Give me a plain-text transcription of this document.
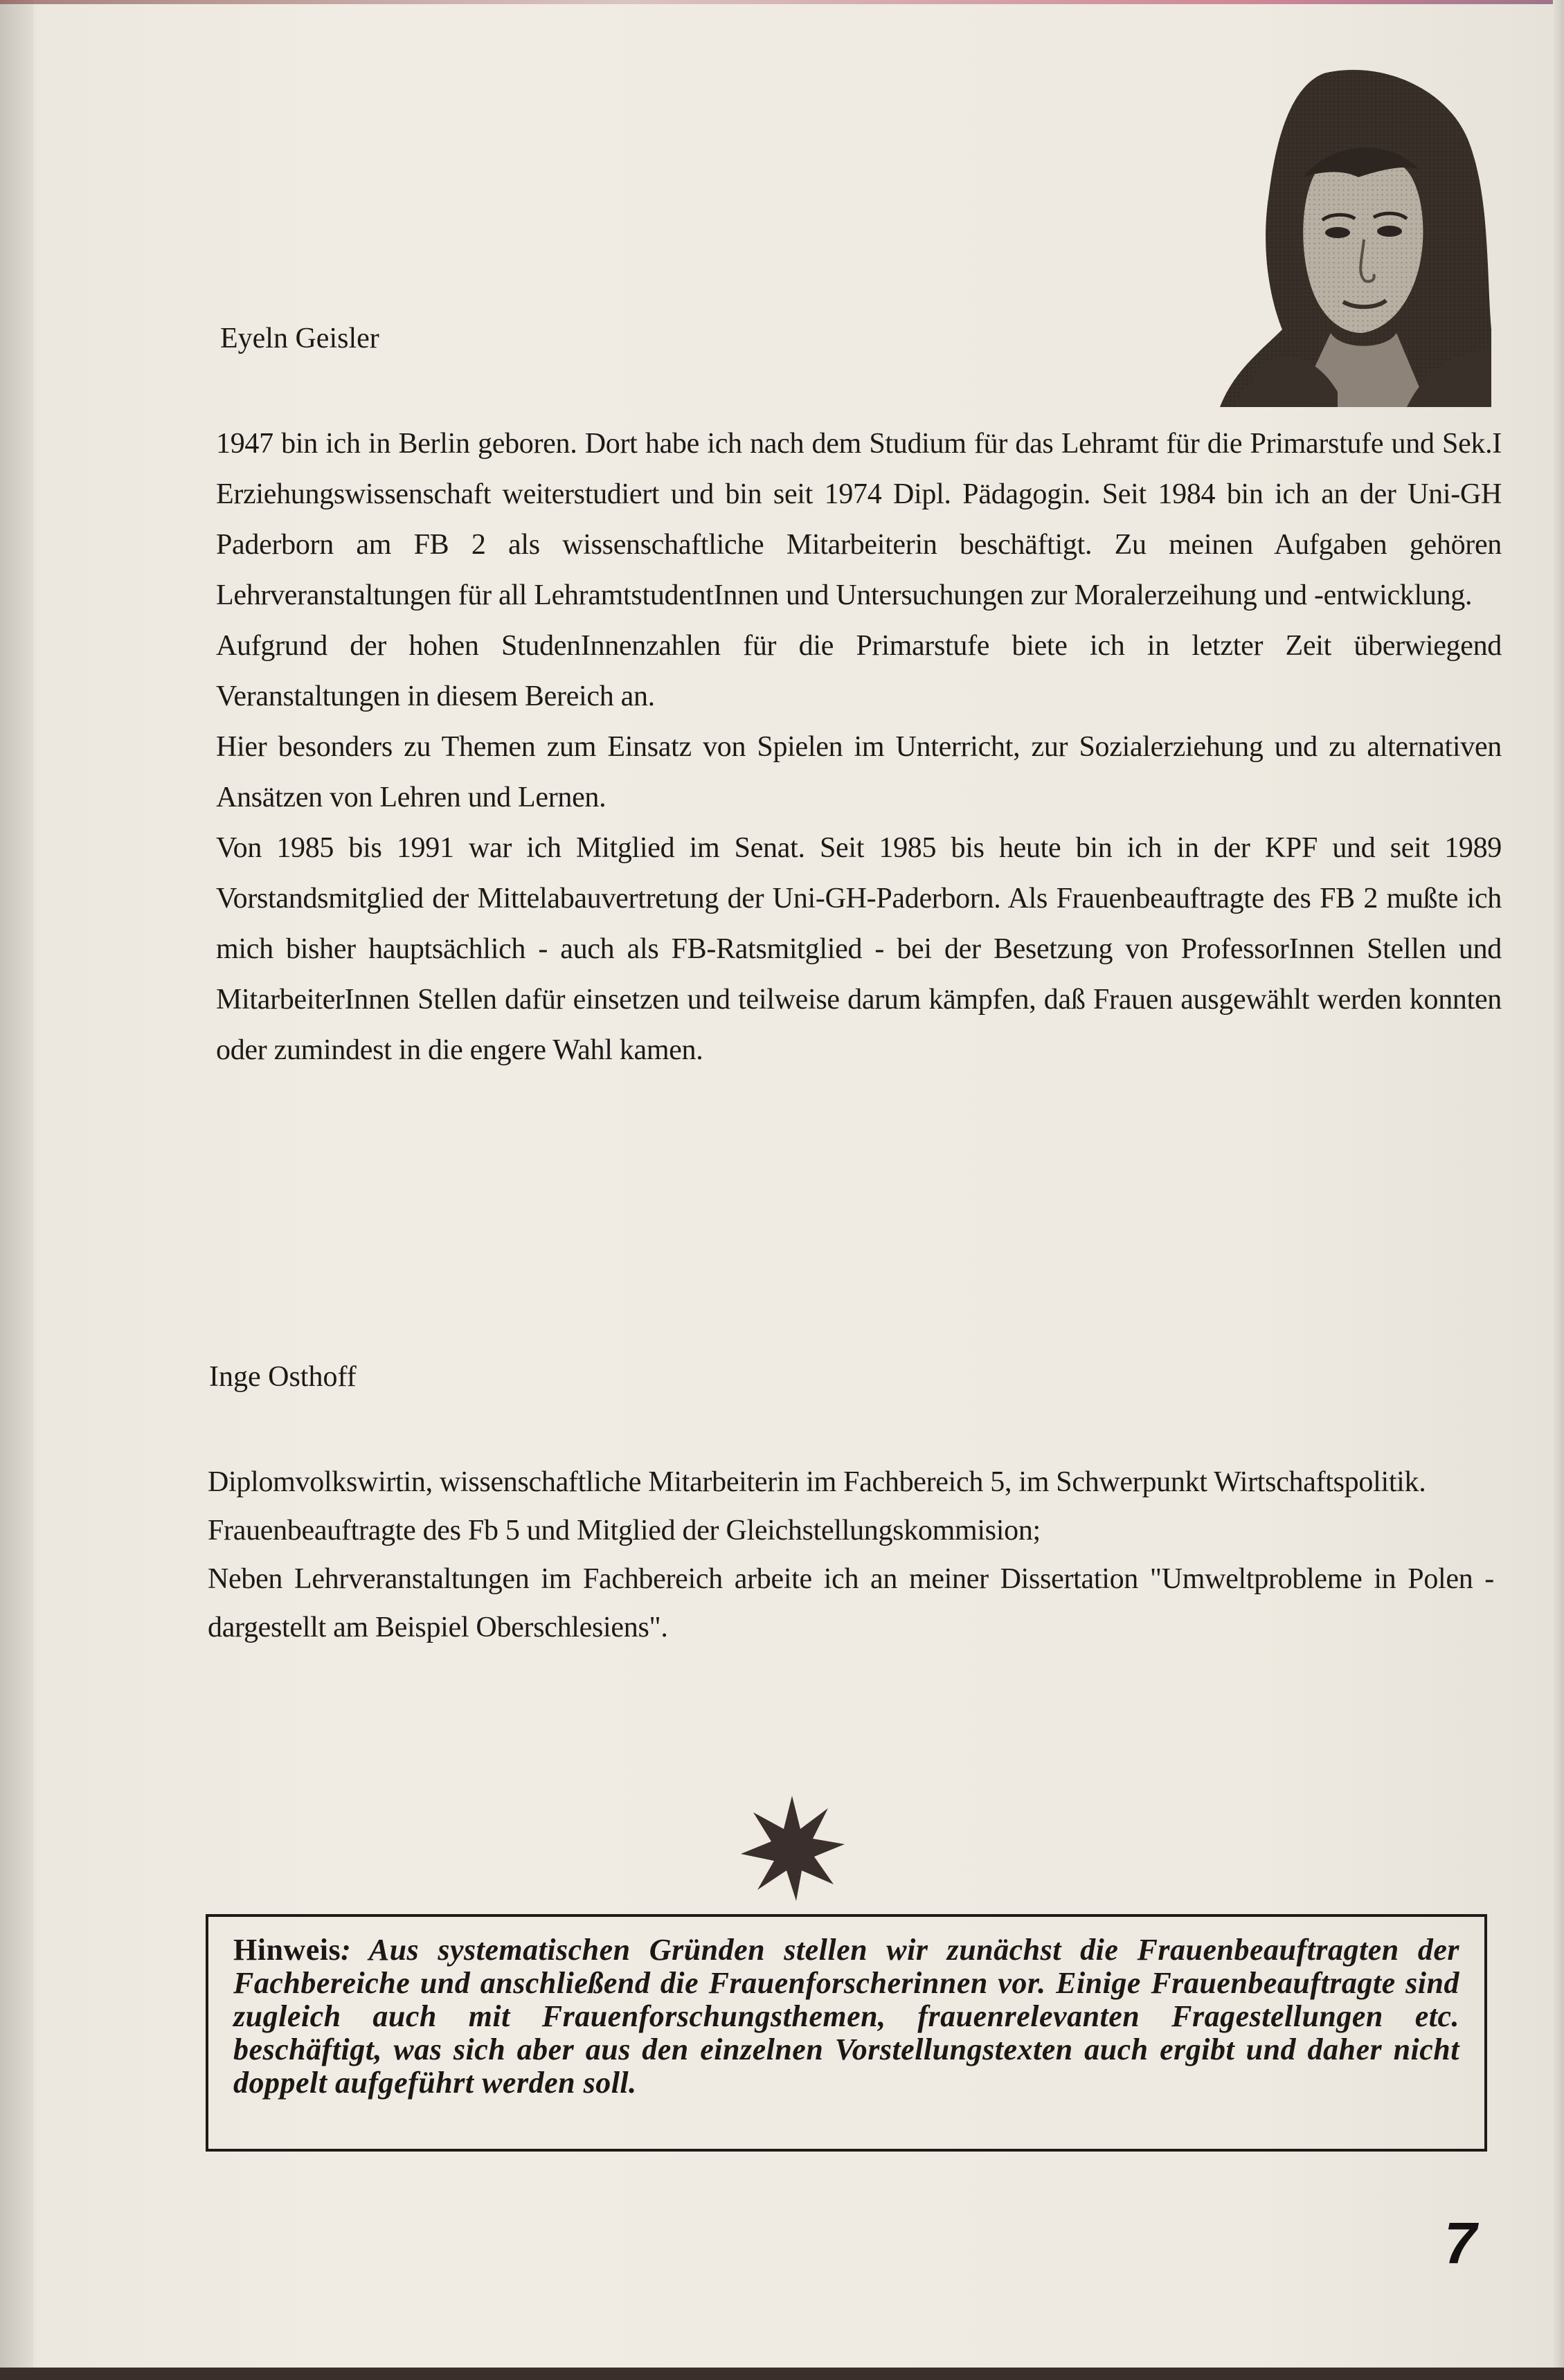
Eyeln Geisler

1947 bin ich in Berlin geboren. Dort habe ich nach dem Studium für das Lehramt für die Primarstufe und Sek.I Erziehungswissenschaft weiterstudiert und bin seit 1974 Dipl. Pädagogin. Seit 1984 bin ich an der Uni-GH Paderborn am FB 2 als wissenschaftliche Mitarbeiterin beschäftigt. Zu meinen Aufgaben gehören Lehrveranstaltungen für all LehramtstudentInnen und Untersuchungen zur Moralerzeihung und -entwicklung.

Aufgrund der hohen StudenInnenzahlen für die Primarstufe biete ich in letzter Zeit überwiegend Veranstaltungen in diesem Bereich an.

Hier besonders zu Themen zum Einsatz von Spielen im Unterricht, zur Sozialerziehung und zu alternativen Ansätzen von Lehren und Lernen.

Von 1985 bis 1991 war ich Mitglied im Senat. Seit 1985 bis heute bin ich in der KPF und seit 1989 Vorstandsmitglied der Mittelabauvertretung der Uni-GH-Paderborn. Als Frauenbeauftragte des FB 2 mußte ich mich bisher hauptsächlich - auch als FB-Ratsmitglied - bei der Besetzung von ProfessorInnen Stellen und MitarbeiterInnen Stellen dafür einsetzen und teilweise darum kämpfen, daß Frauen ausgewählt werden konnten oder zumindest in die engere Wahl kamen.

Inge Osthoff

Diplomvolkswirtin, wissenschaftliche Mitarbeiterin im Fachbereich 5, im Schwerpunkt Wirtschaftspolitik.

Frauenbeauftragte des Fb 5 und Mitglied der Gleichstellungskommision;

Neben Lehrveranstaltungen im Fachbereich arbeite ich an meiner Dissertation "Umweltprobleme in Polen - dargestellt am Beispiel Oberschlesiens".

Hinweis: Aus systematischen Gründen stellen wir zunächst die Frauenbeauftragten der Fachbereiche und anschließend die Frauenforscherinnen vor. Einige Frauenbeauftragte sind zugleich auch mit Frauenforschungsthemen, frauenrelevanten Fragestellungen etc. beschäftigt, was sich aber aus den einzelnen Vorstellungstexten auch ergibt und daher nicht doppelt aufgeführt werden soll.
7
